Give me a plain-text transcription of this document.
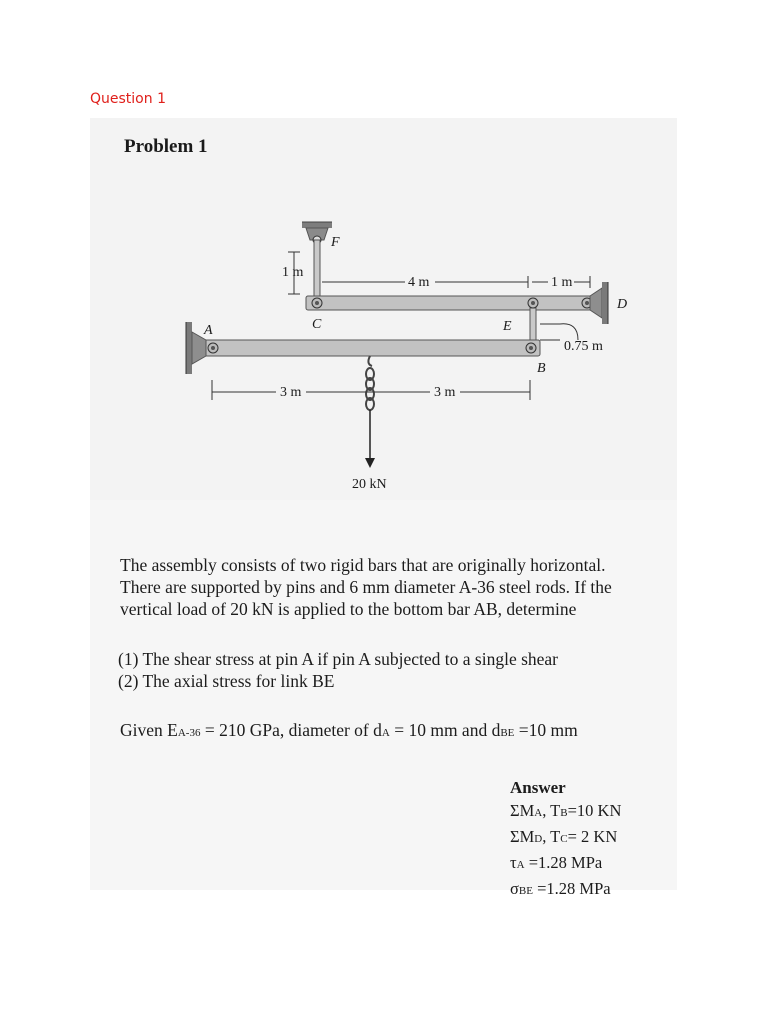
Question 1
Problem 1
A
B
C
D
E
F
1 m
4 m	1 m
0.75 m
3 m	3 m
20 kN

The assembly consists of two rigid bars that are originally horizontal.

There are supported by pins and 6 mm diameter A-36 steel rods. If the

vertical load of 20 kN is applied to the bottom bar AB, determine

(1) The shear stress at pin A if pin A subjected to a single shear
(2) The axial stress for link BE
Given EA-36 = 210 GPa, diameter of dA = 10 mm and dBE =10 mm
Answer
ΣMA, TB=10 KN
ΣMD, TC= 2 KN
τA =1.28 MPa
σBE =1.28 MPa
